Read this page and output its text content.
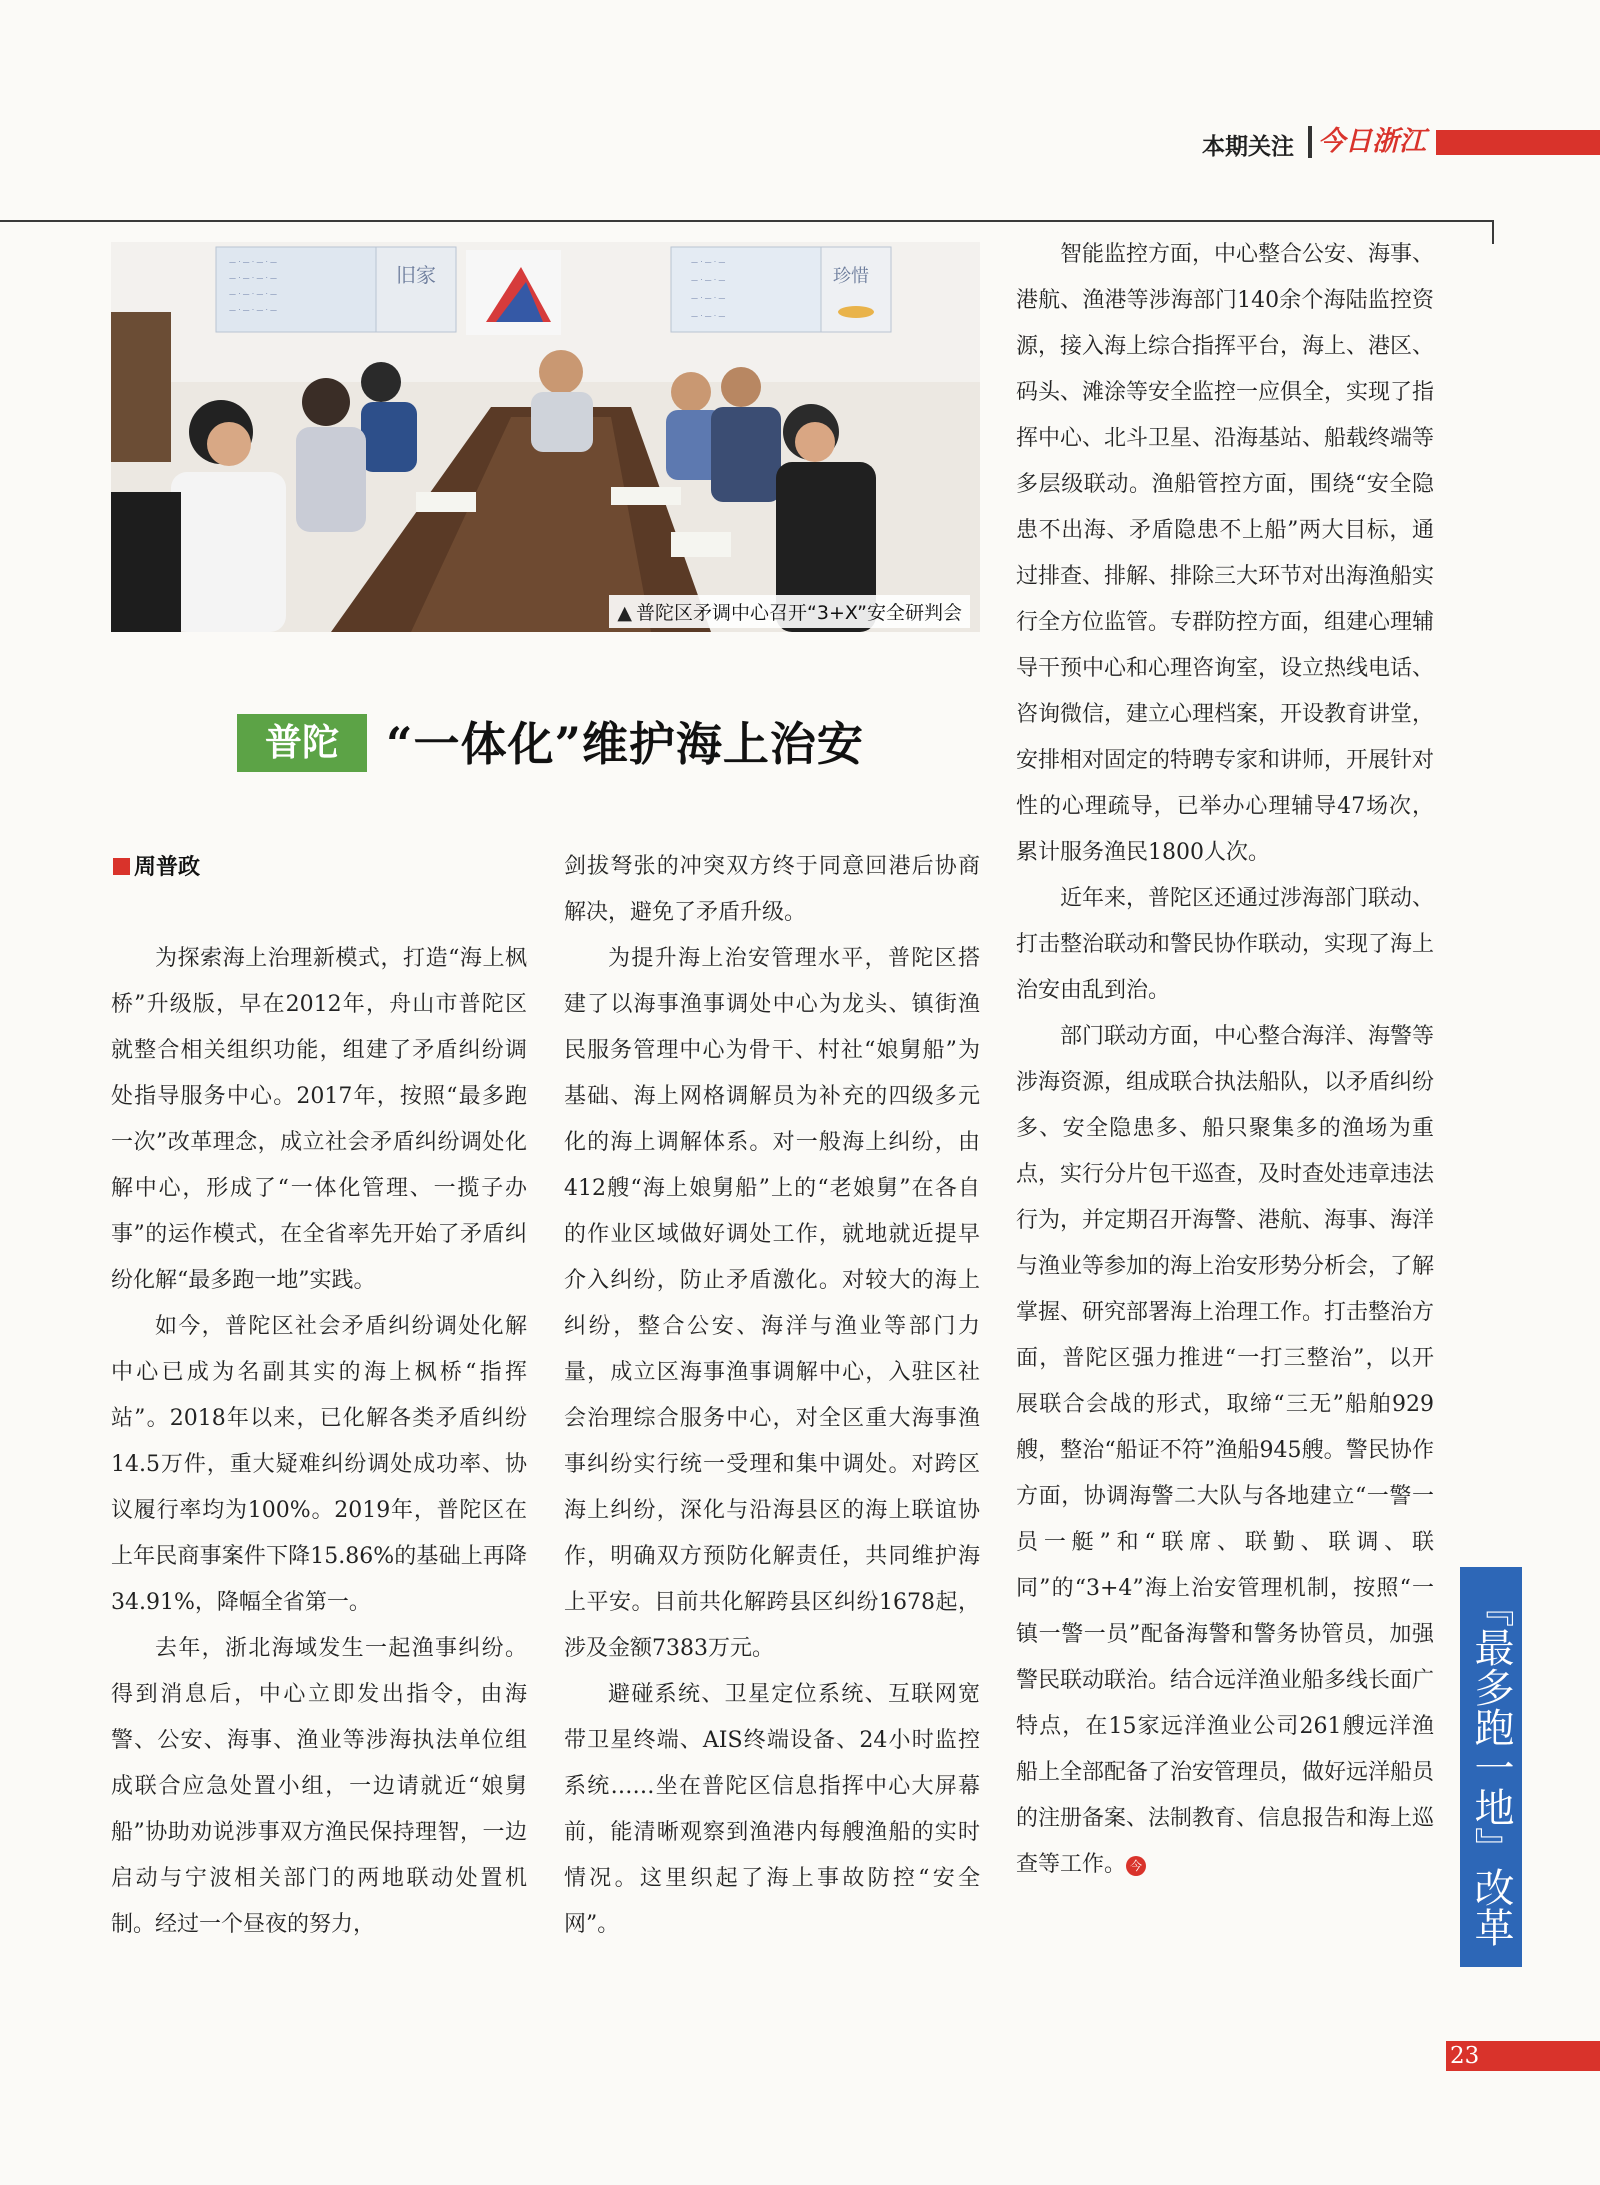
本期关注 今日浙江
— · — · — · —
— · — · — · —
— · — · — · —
— · — · — · —
旧家
— · — · —
— · — · —
— · — · —
— · — · —
珍惜
▲ 普陀区矛调中心召开“3+X”安全研判会
普陀	“一体化”维护海上治安
周普政

为探索海上治理新模式，打造“海上枫桥”升级版，早在2012年，舟山市普陀区就整合相关组织功能，组建了矛盾纠纷调处指导服务中心。2017年，按照“最多跑一次”改革理念，成立社会矛盾纠纷调处化解中心，形成了“一体化管理、一揽子办事”的运作模式，在全省率先开始了矛盾纠纷化解“最多跑一地”实践。

如今，普陀区社会矛盾纠纷调处化解中心已成为名副其实的海上枫桥“指挥站”。2018年以来，已化解各类矛盾纠纷14.5万件，重大疑难纠纷调处成功率、协议履行率均为100%。2019年，普陀区在上年民商事案件下降15.86%的基础上再降34.91%，降幅全省第一。

去年，浙北海域发生一起渔事纠纷。得到消息后，中心立即发出指令，由海警、公安、海事、渔业等涉海执法单位组成联合应急处置小组，一边请就近“娘舅船”协助劝说涉事双方渔民保持理智，一边启动与宁波相关部门的两地联动处置机制。经过一个昼夜的努力，

剑拔弩张的冲突双方终于同意回港后协商解决，避免了矛盾升级。

为提升海上治安管理水平，普陀区搭建了以海事渔事调处中心为龙头、镇街渔民服务管理中心为骨干、村社“娘舅船”为基础、海上网格调解员为补充的四级多元化的海上调解体系。对一般海上纠纷，由412艘“海上娘舅船”上的“老娘舅”在各自的作业区域做好调处工作，就地就近提早介入纠纷，防止矛盾激化。对较大的海上纠纷，整合公安、海洋与渔业等部门力量，成立区海事渔事调解中心，入驻区社会治理综合服务中心，对全区重大海事渔事纠纷实行统一受理和集中调处。对跨区海上纠纷，深化与沿海县区的海上联谊协作，明确双方预防化解责任，共同维护海上平安。目前共化解跨县区纠纷1678起，涉及金额7383万元。

避碰系统、卫星定位系统、互联网宽带卫星终端、AIS终端设备、24小时监控系统……坐在普陀区信息指挥中心大屏幕前，能清晰观察到渔港内每艘渔船的实时情况。这里织起了海上事故防控“安全网”。

智能监控方面，中心整合公安、海事、港航、渔港等涉海部门140余个海陆监控资源，接入海上综合指挥平台，海上、港区、码头、滩涂等安全监控一应俱全，实现了指挥中心、北斗卫星、沿海基站、船载终端等多层级联动。渔船管控方面，围绕“安全隐患不出海、矛盾隐患不上船”两大目标，通过排查、排解、排除三大环节对出海渔船实行全方位监管。专群防控方面，组建心理辅导干预中心和心理咨询室，设立热线电话、咨询微信，建立心理档案，开设教育讲堂，安排相对固定的特聘专家和讲师，开展针对性的心理疏导，已举办心理辅导47场次，累计服务渔民1800人次。

近年来，普陀区还通过涉海部门联动、打击整治联动和警民协作联动，实现了海上治安由乱到治。

部门联动方面，中心整合海洋、海警等涉海资源，组成联合执法船队，以矛盾纠纷多、安全隐患多、船只聚集多的渔场为重点，实行分片包干巡查，及时查处违章违法行为，并定期召开海警、港航、海事、海洋与渔业等参加的海上治安形势分析会，了解掌握、研究部署海上治理工作。打击整治方面，普陀区强力推进“一打三整治”，以开展联合会战的形式，取缔“三无”船舶929艘，整治“船证不符”渔船945艘。警民协作方面，协调海警二大队与各地建立“一警一员一艇”和“联席、联勤、联调、联同”的“3+4”海上治安管理机制，按照“一镇一警一员”配备海警和警务协管员，加强警民联动联治。结合远洋渔业船多线长面广特点，在15家远洋渔业公司261艘远洋渔船上全部配备了治安管理员，做好远洋船员的注册备案、法制教育、信息报告和海上巡查等工作。 今	『最多跑一地』改革
23
